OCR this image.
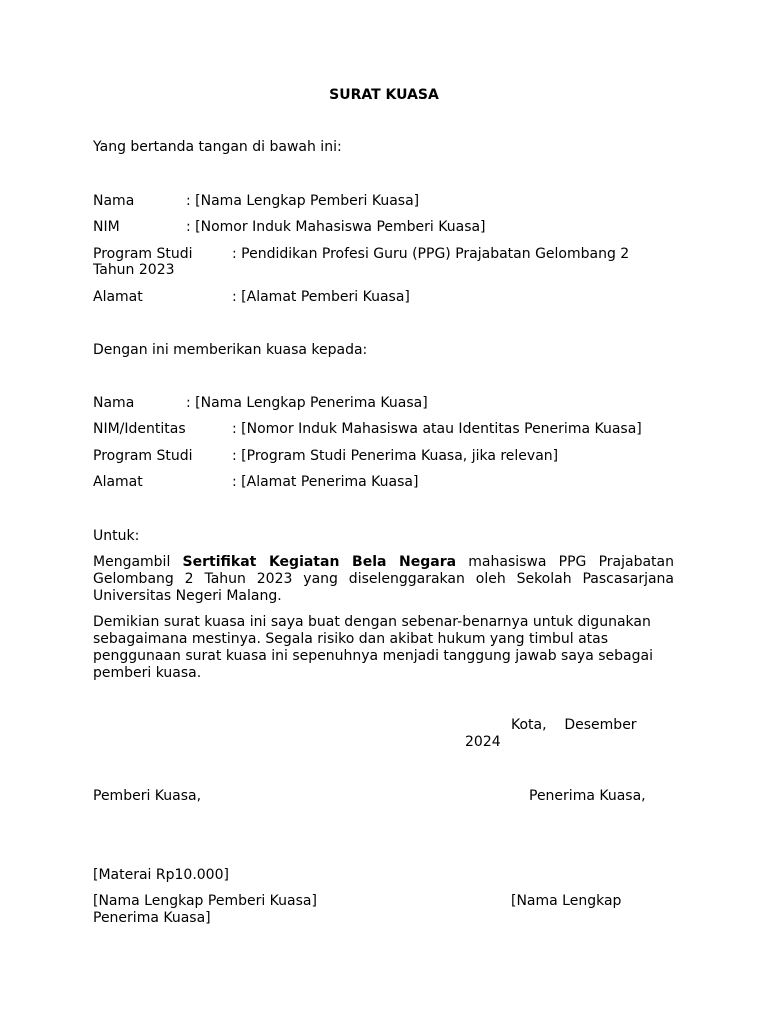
SURAT KUASA
Yang bertanda tangan di bawah ini:
Nama	: [Nama Lengkap Pemberi Kuasa]
NIM	: [Nomor Induk Mahasiswa Pemberi Kuasa]
Program Studi	: Pendidikan Profesi Guru (PPG) Prajabatan Gelombang 2
Tahun 2023
Alamat	: [Alamat Pemberi Kuasa]
Dengan ini memberikan kuasa kepada:
Nama	: [Nama Lengkap Penerima Kuasa]
NIM/Identitas	: [Nomor Induk Mahasiswa atau Identitas Penerima Kuasa]
Program Studi	: [Program Studi Penerima Kuasa, jika relevan]
Alamat	: [Alamat Penerima Kuasa]
Untuk:
Mengambil Sertifikat Kegiatan Bela Negara mahasiswa PPG Prajabatan Gelombang 2 Tahun 2023 yang diselenggarakan oleh Sekolah Pascasarjana Universitas Negeri Malang.
Demikian surat kuasa ini saya buat dengan sebenar-benarnya untuk digunakan sebagaimana mestinya. Segala risiko dan akibat hukum yang timbul atas penggunaan surat kuasa ini sepenuhnya menjadi tanggung jawab saya sebagai pemberi kuasa.
Kota,    Desember
2024
Pemberi Kuasa,	Penerima Kuasa,
[Materai Rp10.000]
[Nama Lengkap Pemberi Kuasa]	[Nama Lengkap
Penerima Kuasa]
